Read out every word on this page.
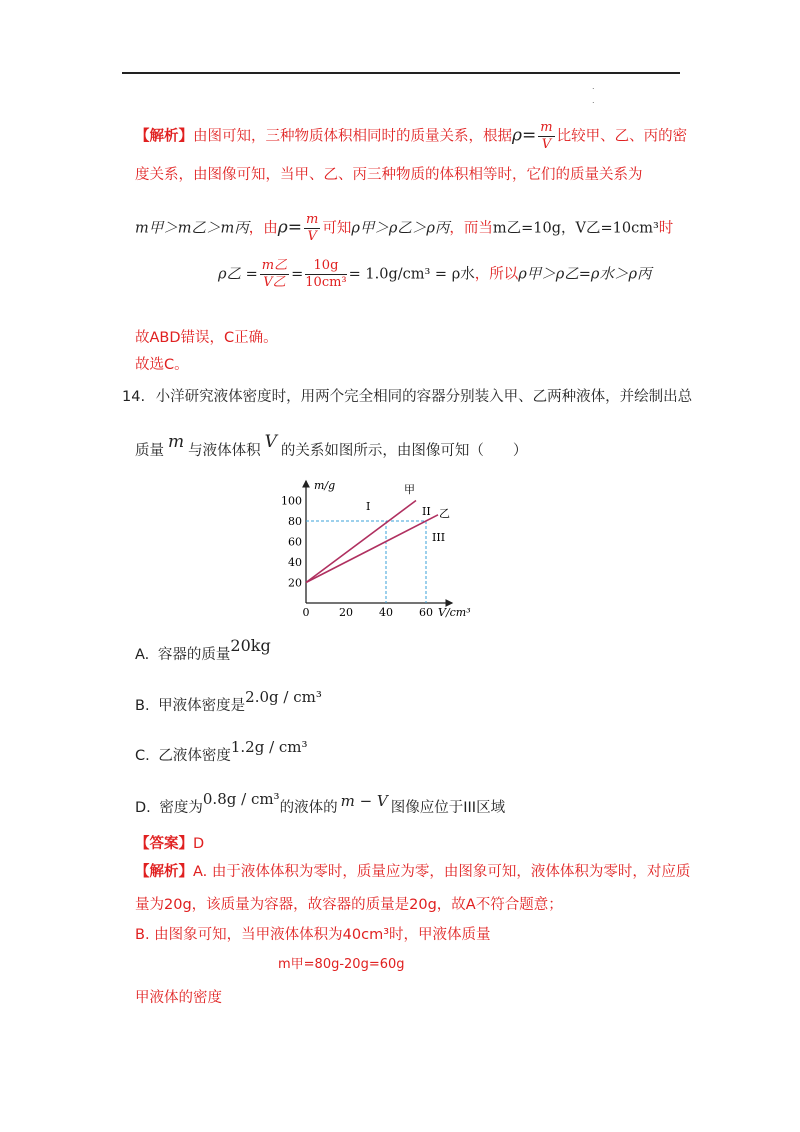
.
.
【解析】由图可知，三种物质体积相同时的质量关系，根据$\rho= \frac{m}{V}$ 比较甲、乙、丙的密
度关系，由图像可知，当甲、乙、丙三种物质的体积相等时，它们的质量关系为
m甲＞m乙＞m丙，由$\rho= \frac{m}{V}$ 可知ρ甲＞ρ乙＞ρ丙，而当m乙=10g，V乙=10cm³时
ρ乙 = $\frac{\text{m乙}}{\text{V乙}} = \frac{10g}{\text{10cm³}} = 1.0g/cm^3 = \rho$水，所以ρ甲＞ρ乙=ρ水＞ρ丙
故ABD错误，C正确。
故选C。
14. 小洋研究液体密度时，用两个完全相同的容器分别装入甲、乙两种液体，并绘制出总
质量 m 与液体体积 V 的关系如图所示，由图像可知（　　）
m/g
V/cm³
20
40
60
80
100
0	20 40 60
甲
乙
I	II
III
A. 容器的质量20kg
B. 甲液体密度是2.0g / cm³
C. 乙液体密度1.2g / cm³
D. 密度为0.8g / cm³的液体的 m − V 图像应位于III区域
【答案】D
【解析】A. 由于液体体积为零时，质量应为零，由图象可知，液体体积为零时，对应质
量为20g，该质量为容器，故容器的质量是20g，故A不符合题意；
B. 由图象可知，当甲液体体积为40cm³时，甲液体质量
m甲=80g-20g=60g
甲液体的密度
